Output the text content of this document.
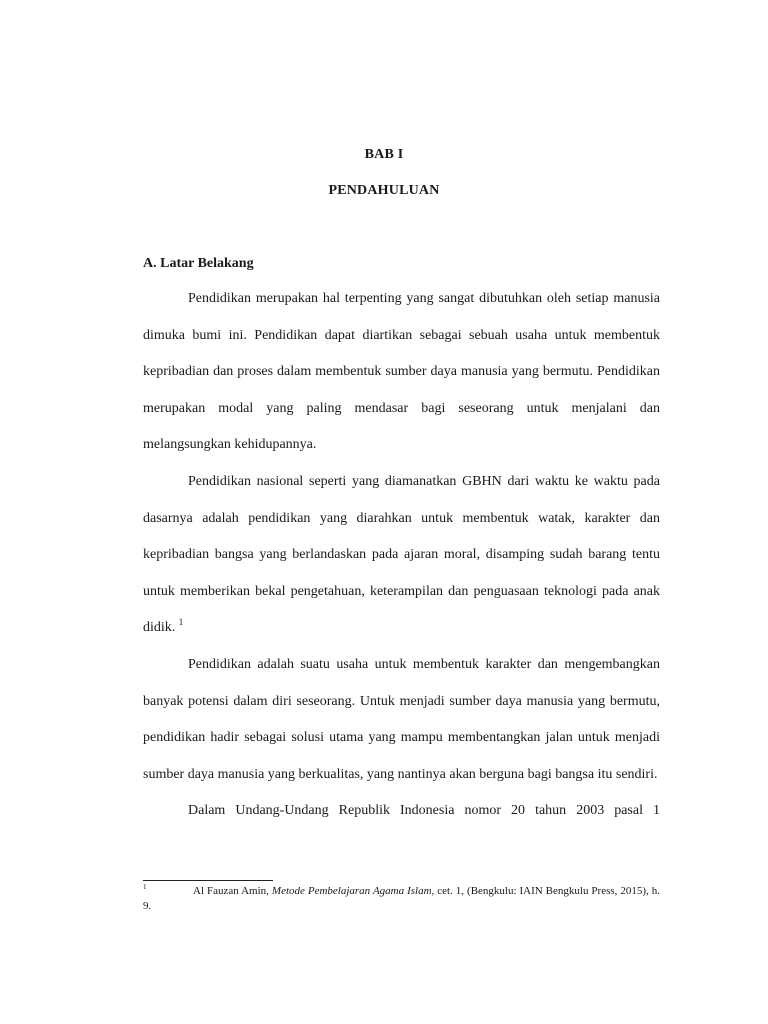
BAB I
PENDAHULUAN
A. Latar Belakang

Pendidikan merupakan hal terpenting yang sangat dibutuhkan oleh setiap manusia dimuka bumi ini. Pendidikan dapat diartikan sebagai sebuah usaha untuk membentuk kepribadian dan proses dalam membentuk sumber daya manusia yang bermutu. Pendidikan merupakan modal yang paling mendasar bagi seseorang untuk menjalani dan melangsungkan kehidupannya.

Pendidikan nasional seperti yang diamanatkan GBHN dari waktu ke waktu pada dasarnya adalah pendidikan yang diarahkan untuk membentuk watak, karakter dan kepribadian bangsa yang berlandaskan pada ajaran moral, disamping sudah barang tentu untuk memberikan bekal pengetahuan, keterampilan dan penguasaan teknologi pada anak didik. $^1$

Pendidikan adalah suatu usaha untuk membentuk karakter dan mengembangkan banyak potensi dalam diri seseorang. Untuk menjadi sumber daya manusia yang bermutu, pendidikan hadir sebagai solusi utama yang mampu membentangkan jalan untuk menjadi sumber daya manusia yang berkualitas, yang nantinya akan berguna bagi bangsa itu sendiri.

Dalam Undang-Undang Republik Indonesia nomor 20 tahun 2003 pasal 1

1	Al Fauzan Amin, Metode Pembelajaran Agama Islam, cet. 1, (Bengkulu: IAIN Bengkulu Press, 2015), h. 9.
